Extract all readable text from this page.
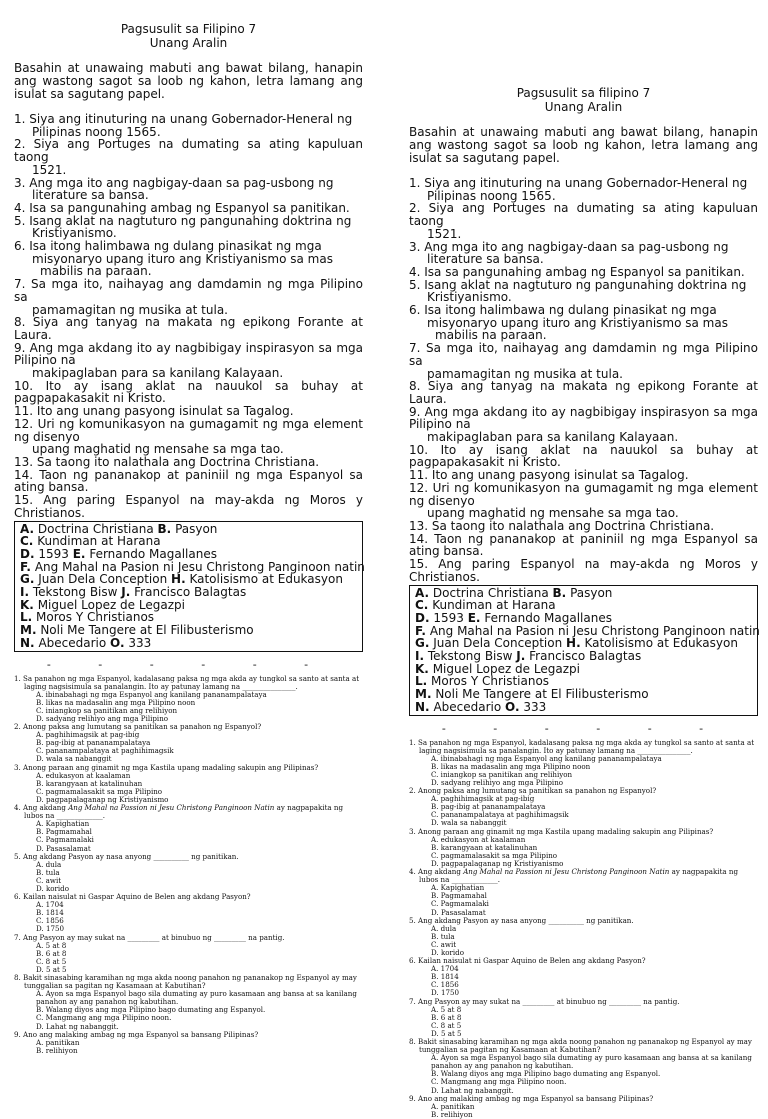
Pagsusulit sa Filipino 7
Unang Aralin
Basahin at unawaing mabuti ang bawat bilang, hanapin ang wastong sagot sa loob ng kahon, letra lamang ang isulat sa sagutang papel.
1. Siya ang itinuturing na unang Gobernador-Heneral ng
Pilipinas noong 1565.
2. Siya ang Portuges na dumating sa ating kapuluan taong
1521.
3. Ang mga ito ang nagbigay-daan sa pag-usbong ng
literature sa bansa.
4. Isa sa pangunahing ambag ng Espanyol sa panitikan.
5. Isang aklat na nagtuturo ng pangunahing doktrina ng
Kristiyanismo.
6. Isa itong halimbawa ng dulang pinasikat ng mga
misyonaryo upang ituro ang Kristiyanismo sa mas
mabilis na paraan.
7. Sa mga ito, naihayag ang damdamin ng mga Pilipino sa
pamamagitan ng musika at tula.
8. Siya ang tanyag na makata ng epikong Forante at Laura.
9. Ang mga akdang ito ay nagbibigay inspirasyon sa mga Pilipino na
makipaglaban para sa kanilang Kalayaan.
10. Ito ay isang aklat na nauukol sa buhay at pagpapakasakit ni Kristo.
11. Ito ang unang pasyong isinulat sa Tagalog.
12. Uri ng komunikasyon na gumagamit ng mga element ng disenyo
upang maghatid ng mensahe sa mga tao.
13. Sa taong ito nalathala ang Doctrina Christiana.
14. Taon ng pananakop at paniniil ng mga Espanyol sa ating bansa.
15. Ang paring Espanyol na may-akda ng Moros y Christianos.
A. Doctrina Christiana B. Pasyon C. Kundiman at Harana
D. 1593 E. Fernando Magallanes
F. Ang Mahal na Pasion ni Jesu Christong Panginoon natin
G. Juan Dela Conception H. Katolisismo at Edukasyon
I. Tekstong Bisw J. Francisco Balagtas K. Miguel Lopez de Legazpi
L. Moros Y Christianos M. Noli Me Tangere at El Filibusterismo
N. Abecedario O. 333
- - - - - -
1. Sa panahon ng mga Espanyol, kadalasang paksa ng mga akda ay tungkol sa santo at santa at laging nagsisimula sa panalangin. Ito ay patunay lamang na _______________.
A. ibinabahagi ng mga Espanyol ang kanilang pananampalataya
B. likas na madasalin ang mga Pilipino noon
C. iniangkop sa panitikan ang relihiyon
D. sadyang relihiyo ang mga Pilipino
2. Anong paksa ang lumutang sa panitikan sa panahon ng Espanyol?
A. paghihimagsik at pag-ibig
B. pag-ibig at pananampalataya
C. pananampalataya at paghihimagsik
D. wala sa nabanggit
3. Anong paraan ang ginamit ng mga Kastila upang madaling sakupin ang Pilipinas?
A. edukasyon at kaalaman
B. karangyaan at katalinuhan
C. pagmamalasakit sa mga Pilipino
D. pagpapalaganap ng Kristiyanismo
4. Ang akdang Ang Mahal na Passion ni Jesu Christong Panginoon Natin ay nagpapakita ng lubos na _____________.
A. Kapighatian
B. Pagmamahal
C. Pagmamalaki
D. Pasasalamat
5. Ang akdang Pasyon ay nasa anyong __________ ng panitikan.
A. dula
B. tula
C. awit
D. korido
6. Kailan naisulat ni Gaspar Aquino de Belen ang akdang Pasyon?
A. 1704
B. 1814
C. 1856
D. 1750
7. Ang Pasyon ay may sukat na _________ at binubuo ng _________ na pantig.
A. 5 at 8
B. 6 at 8
C. 8 at 5
D. 5 at 5
8. Bakit sinasabing karamihan ng mga akda noong panahon ng pananakop ng Espanyol ay may tunggalian sa pagitan ng Kasamaan at Kabutihan?
A. Ayon sa mga Espanyol bago sila dumating ay puro kasamaan ang bansa at sa kanilang panahon ay ang panahon ng kabutihan.
B. Walang diyos ang mga Pilipino bago dumating ang Espanyol.
C. Mangmang ang mga Pilipino noon.
D. Lahat ng nabanggit.
9. Ano ang malaking ambag ng mga Espanyol sa bansang Pilipinas?
A. panitikan
B. relihiyon
Pagsusulit sa filipino 7
Unang Aralin
Basahin at unawaing mabuti ang bawat bilang, hanapin ang wastong sagot sa loob ng kahon, letra lamang ang isulat sa sagutang papel.
1. Siya ang itinuturing na unang Gobernador-Heneral ng
Pilipinas noong 1565.
2. Siya ang Portuges na dumating sa ating kapuluan taong
1521.
3. Ang mga ito ang nagbigay-daan sa pag-usbong ng
literature sa bansa.
4. Isa sa pangunahing ambag ng Espanyol sa panitikan.
5. Isang aklat na nagtuturo ng pangunahing doktrina ng
Kristiyanismo.
6. Isa itong halimbawa ng dulang pinasikat ng mga
misyonaryo upang ituro ang Kristiyanismo sa mas
mabilis na paraan.
7. Sa mga ito, naihayag ang damdamin ng mga Pilipino sa
pamamagitan ng musika at tula.
8. Siya ang tanyag na makata ng epikong Forante at Laura.
9. Ang mga akdang ito ay nagbibigay inspirasyon sa mga Pilipino na
makipaglaban para sa kanilang Kalayaan.
10. Ito ay isang aklat na nauukol sa buhay at pagpapakasakit ni Kristo.
11. Ito ang unang pasyong isinulat sa Tagalog.
12. Uri ng komunikasyon na gumagamit ng mga element ng disenyo
upang maghatid ng mensahe sa mga tao.
13. Sa taong ito nalathala ang Doctrina Christiana.
14. Taon ng pananakop at paniniil ng mga Espanyol sa ating bansa.
15. Ang paring Espanyol na may-akda ng Moros y Christianos.
A. Doctrina Christiana B. Pasyon C. Kundiman at Harana
D. 1593 E. Fernando Magallanes
F. Ang Mahal na Pasion ni Jesu Christong Panginoon natin
G. Juan Dela Conception H. Katolisismo at Edukasyon
I. Tekstong Bisw J. Francisco Balagtas K. Miguel Lopez de Legazpi
L. Moros Y Christianos M. Noli Me Tangere at El Filibusterismo
N. Abecedario O. 333
- - - - - -
1. Sa panahon ng mga Espanyol, kadalasang paksa ng mga akda ay tungkol sa santo at santa at laging nagsisimula sa panalangin. Ito ay patunay lamang na _______________.
A. ibinabahagi ng mga Espanyol ang kanilang pananampalataya
B. likas na madasalin ang mga Pilipino noon
C. iniangkop sa panitikan ang relihiyon
D. sadyang relihiyo ang mga Pilipino
2. Anong paksa ang lumutang sa panitikan sa panahon ng Espanyol?
A. paghihimagsik at pag-ibig
B. pag-ibig at pananampalataya
C. pananampalataya at paghihimagsik
D. wala sa nabanggit
3. Anong paraan ang ginamit ng mga Kastila upang madaling sakupin ang Pilipinas?
A. edukasyon at kaalaman
B. karangyaan at katalinuhan
C. pagmamalasakit sa mga Pilipino
D. pagpapalaganap ng Kristiyanismo
4. Ang akdang Ang Mahal na Passion ni Jesu Christong Panginoon Natin ay nagpapakita ng lubos na _____________.
A. Kapighatian
B. Pagmamahal
C. Pagmamalaki
D. Pasasalamat
5. Ang akdang Pasyon ay nasa anyong __________ ng panitikan.
A. dula
B. tula
C. awit
D. korido
6. Kailan naisulat ni Gaspar Aquino de Belen ang akdang Pasyon?
A. 1704
B. 1814
C. 1856
D. 1750
7. Ang Pasyon ay may sukat na _________ at binubuo ng _________ na pantig.
A. 5 at 8
B. 6 at 8
C. 8 at 5
D. 5 at 5
8. Bakit sinasabing karamihan ng mga akda noong panahon ng pananakop ng Espanyol ay may tunggalian sa pagitan ng Kasamaan at Kabutihan?
A. Ayon sa mga Espanyol bago sila dumating ay puro kasamaan ang bansa at sa kanilang panahon ay ang panahon ng kabutihan.
B. Walang diyos ang mga Pilipino bago dumating ang Espanyol.
C. Mangmang ang mga Pilipino noon.
D. Lahat ng nabanggit.
9. Ano ang malaking ambag ng mga Espanyol sa bansang Pilipinas?
A. panitikan
B. relihiyon
